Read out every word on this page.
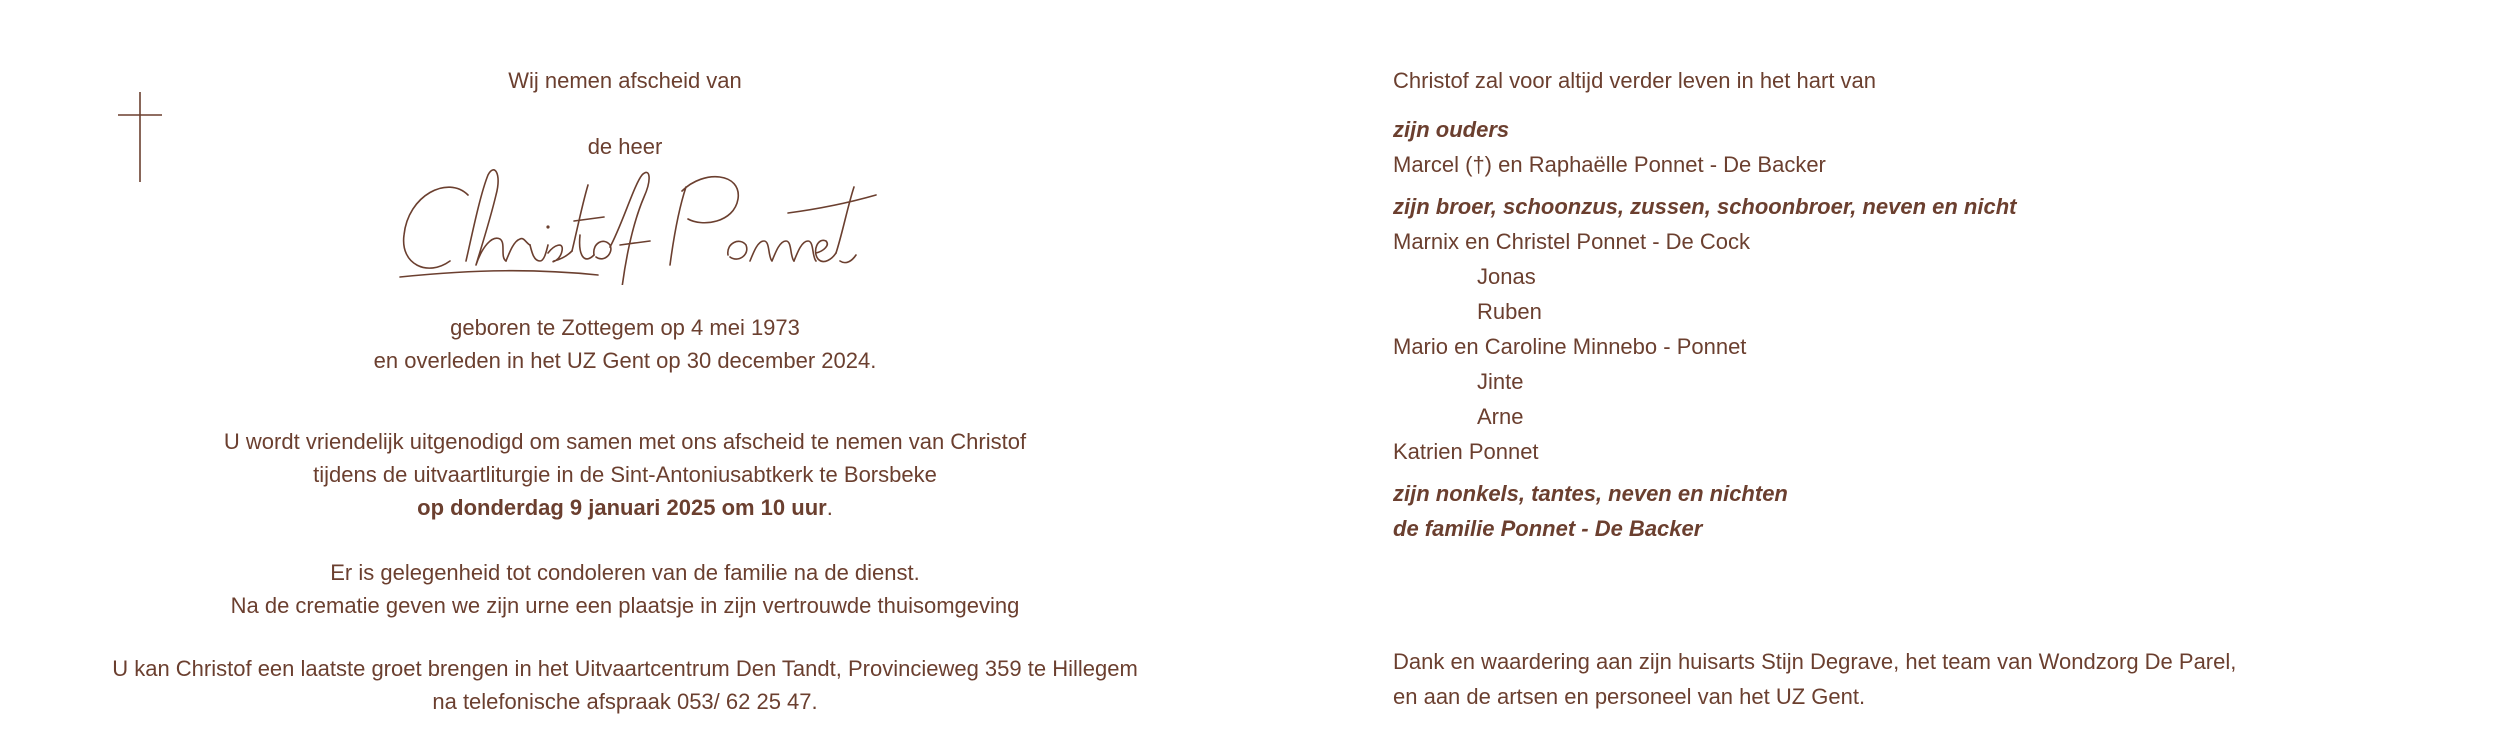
Wij nemen afscheid van
de heer
geboren te Zottegem op 4 mei 1973
en overleden in het UZ Gent op 30 december 2024.
U wordt vriendelijk uitgenodigd om samen met ons afscheid te nemen van Christof
tijdens de uitvaartliturgie in de Sint-Antoniusabtkerk te Borsbeke
op donderdag 9 januari 2025 om 10 uur.
Er is gelegenheid tot condoleren van de familie na de dienst.
Na de crematie geven we zijn urne een plaatsje in zijn vertrouwde thuisomgeving
U kan Christof een laatste groet brengen in het Uitvaartcentrum Den Tandt, Provincieweg 359 te Hillegem
na telefonische afspraak 053/ 62 25 47.
Christof zal voor altijd verder leven in het hart van
zijn ouders
Marcel (†) en Raphaëlle Ponnet - De Backer
zijn broer, schoonzus, zussen, schoonbroer, neven en nicht
Marnix en Christel Ponnet - De Cock
Jonas
Ruben
Mario en Caroline Minnebo - Ponnet
Jinte
Arne
Katrien Ponnet
zijn nonkels, tantes, neven en nichten
de familie Ponnet - De Backer
Dank en waardering aan zijn huisarts Stijn Degrave, het team van Wondzorg De Parel,
en aan de artsen en personeel van het UZ Gent.
